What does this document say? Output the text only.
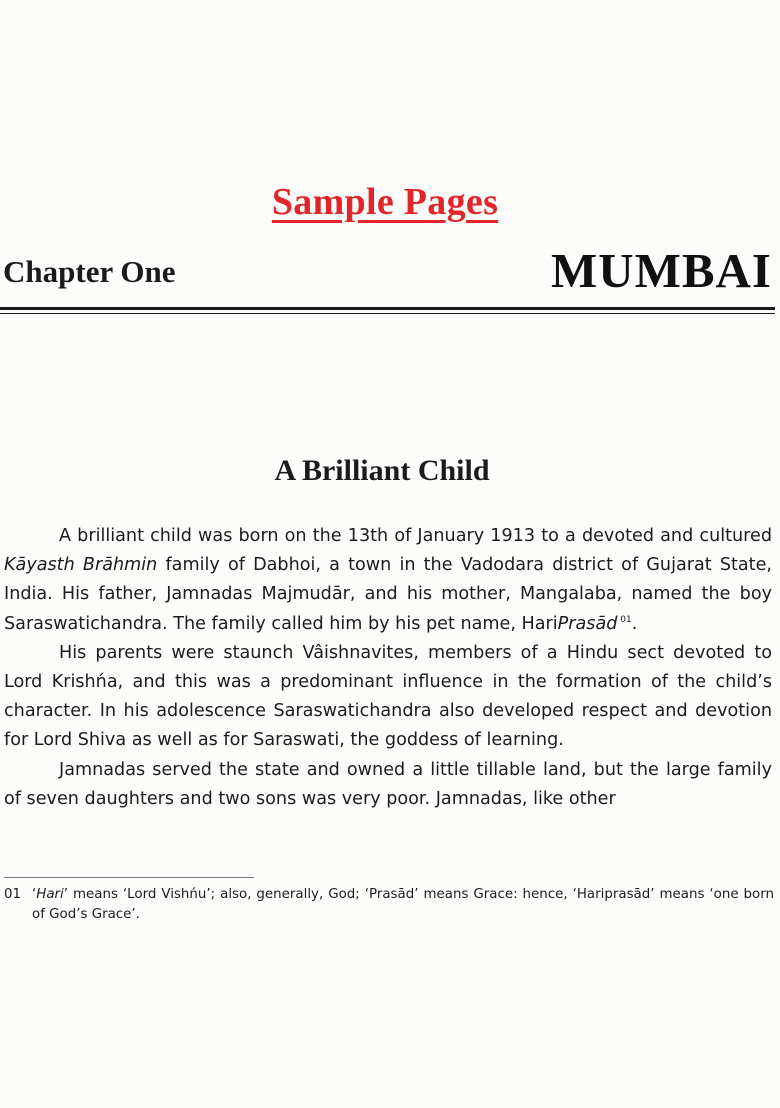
Sample Pages
Chapter One	MUMBAI
A Brilliant Child

A brilliant child was born on the 13th of January 1913 to a devoted and cultured Kāyasth Brāhmin family of Dabhoi, a town in the Vadodara district of Gujarat State, India. His father, Jamnadas Majmudār, and his mother, Mangalaba, named the boy Saraswatichandra. The family called him by his pet name, HariPrasād $^{01}$.

His parents were staunch Vâishnavites, members of a Hindu sect devoted to Lord Krishńa, and this was a predominant influence in the formation of the child’s character. In his adolescence Saraswatichandra also developed respect and devotion for Lord Shiva as well as for Saraswati, the goddess of learning.

Jamnadas served the state and owned a little tillable land, but the large family of seven daughters and two sons was very poor. Jamnadas, like other

01 ‘Hari’ means ‘Lord Vishńu’; also, generally, God; ‘Prasād’ means Grace: hence, ‘Hariprasād’ means ‘one born of God’s Grace’.
